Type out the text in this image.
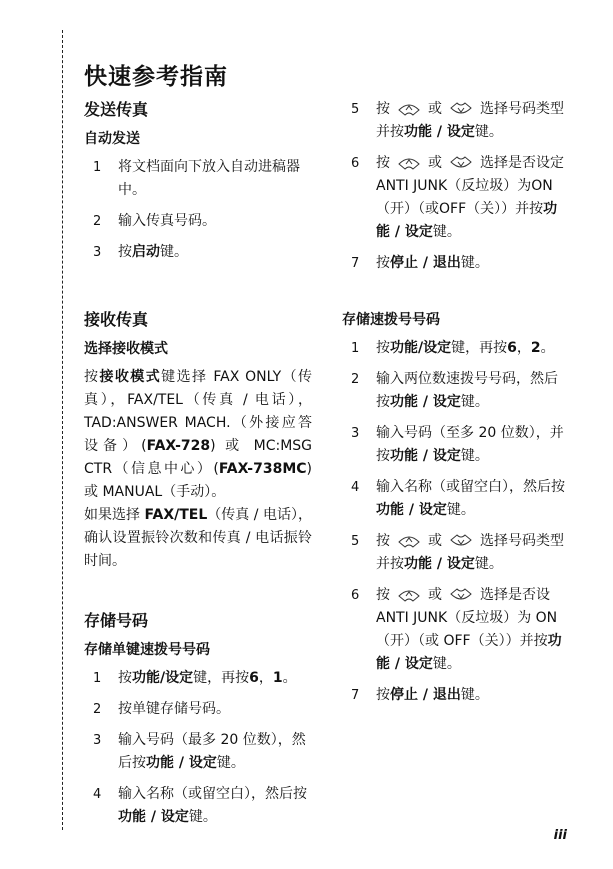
快速参考指南
发送传真
自动发送
1 将文档面向下放入自动进稿器中。
2 输入传真号码。
3 按启动键。
接收传真
选择接收模式

按接收模式键选择 FAX ONLY（传真），FAX/TEL（传真 / 电话），TAD:ANSWER MACH.（外接应答设备）(FAX-728) 或 MC:MSG CTR（信息中心）(FAX-738MC) 或 MANUAL（手动）。

如果选择 FAX/TEL（传真 / 电话），确认设置振铃次数和传真 / 电话振铃时间。

存储号码
存储单键速拨号号码
1 按功能/设定键，再按6，1。
2 按单键存储号码。
3 输入号码（最多 20 位数），然后按功能 / 设定键。
4 输入名称（或留空白），然后按功能 / 设定键。
5 按	或	选择号码类型并按功能 / 设定键。
6 按	或	选择是否设定 ANTI JUNK（反垃圾）为ON（开）（或OFF（关））并按功能 / 设定键。
7 按停止 / 退出键。
存储速拨号号码
1 按功能/设定键，再按6，2。
2 输入两位数速拨号号码，然后按功能 / 设定键。
3 输入号码（至多 20 位数），并按功能 / 设定键。
4 输入名称（或留空白），然后按功能 / 设定键。
5 按	或	选择号码类型并按功能 / 设定键。
6 按	或	选择是否设 ANTI JUNK（反垃圾）为 ON（开）（或 OFF（关））并按功能 / 设定键。
7 按停止 / 退出键。
iii
